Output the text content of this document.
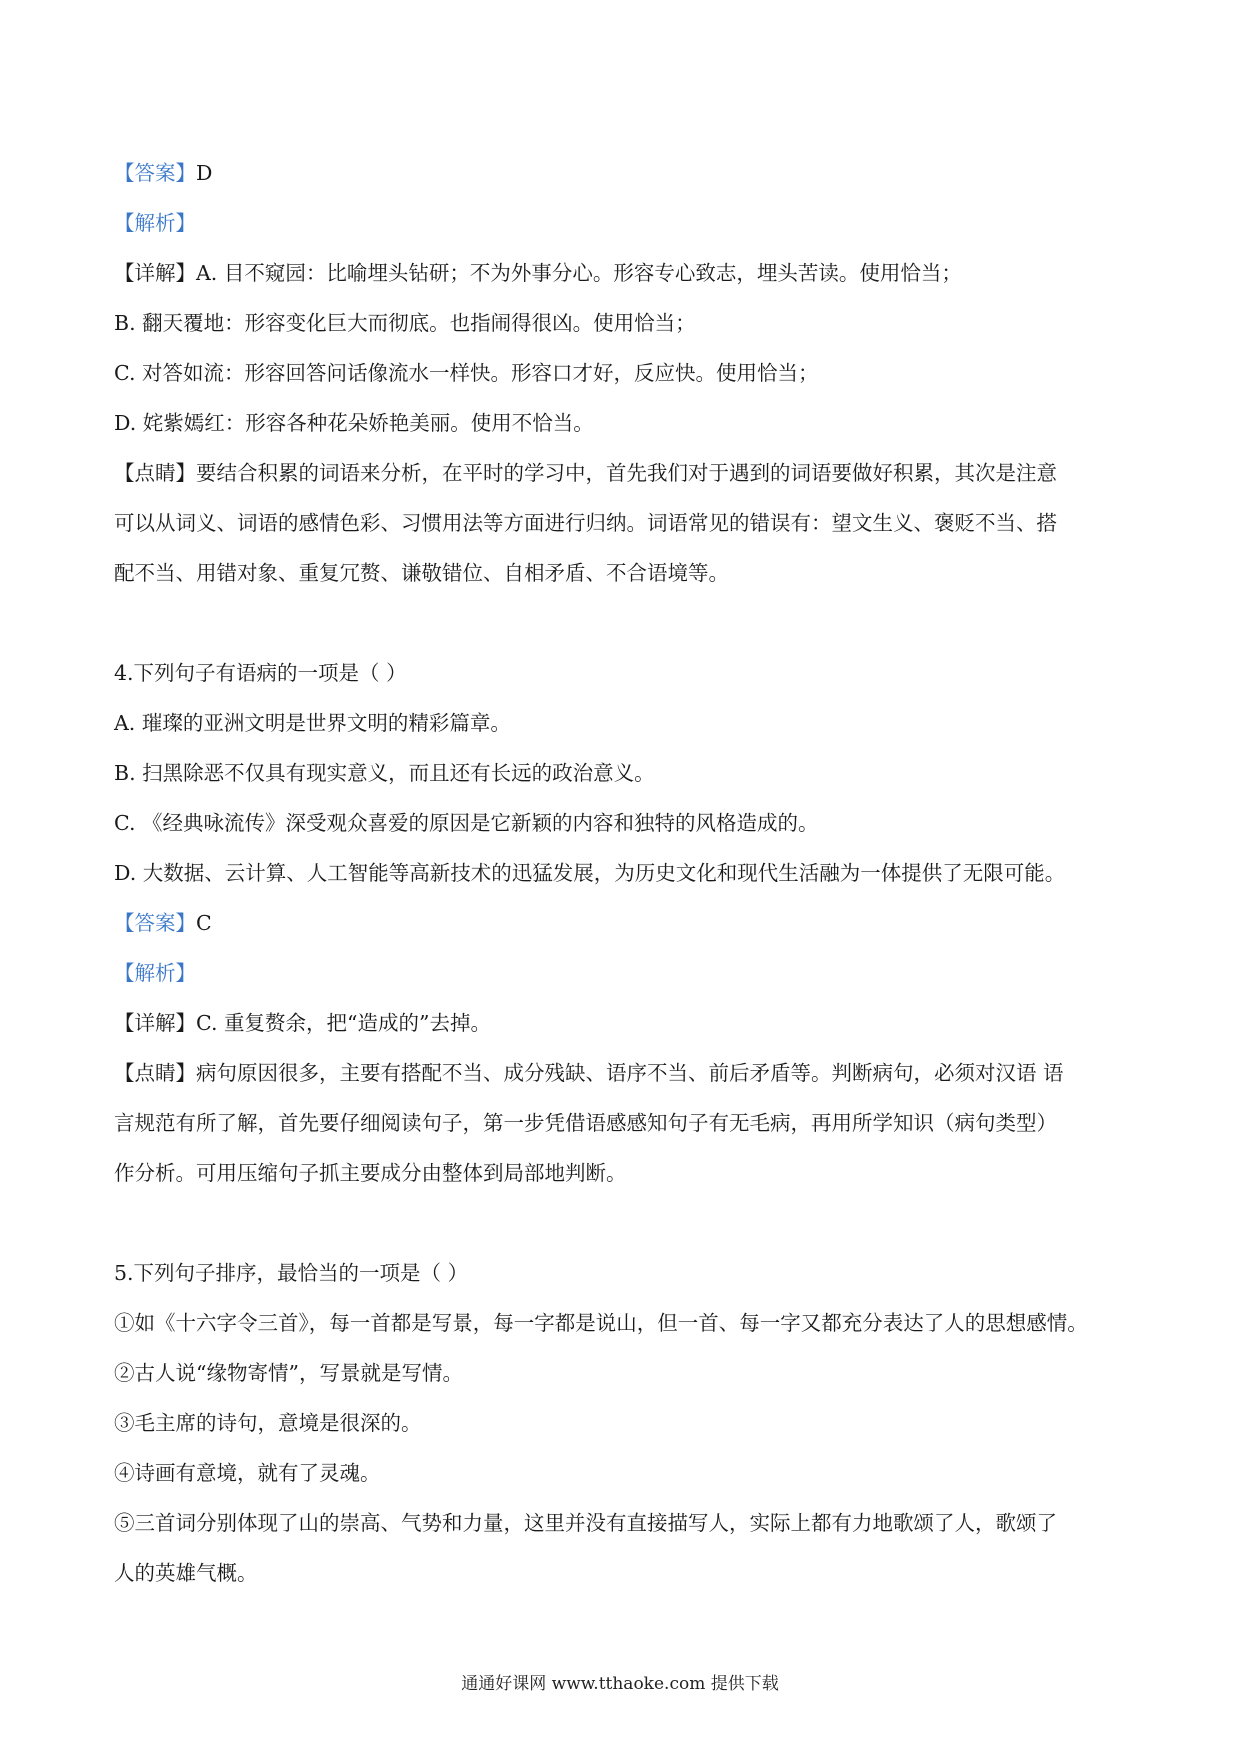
【答案】D
【解析】
【详解】A. 目不窥园：比喻埋头钻研；不为外事分心。形容专心致志，埋头苦读。使用恰当；
B. 翻天覆地：形容变化巨大而彻底。也指闹得很凶。使用恰当；
C. 对答如流：形容回答问话像流水一样快。形容口才好，反应快。使用恰当；
D. 姹紫嫣红：形容各种花朵娇艳美丽。使用不恰当。
【点睛】要结合积累的词语来分析，在平时的学习中，首先我们对于遇到的词语要做好积累，其次是注意
可以从词义、词语的感情色彩、习惯用法等方面进行归纳。词语常见的错误有：望文生义、褒贬不当、搭
配不当、用错对象、重复冗赘、谦敬错位、自相矛盾、不合语境等。
4.下列句子有语病的一项是（ ）
A. 璀璨的亚洲文明是世界文明的精彩篇章。
B. 扫黑除恶不仅具有现实意义，而且还有长远的政治意义。
C. 《经典咏流传》深受观众喜爱的原因是它新颖的内容和独特的风格造成的。
D. 大数据、云计算、人工智能等高新技术的迅猛发展，为历史文化和现代生活融为一体提供了无限可能。
【答案】C
【解析】
【详解】C. 重复赘余，把“造成的”去掉。
【点睛】病句原因很多，主要有搭配不当、成分残缺、语序不当、前后矛盾等。判断病句，必须对汉语 语
言规范有所了解，首先要仔细阅读句子，第一步凭借语感感知句子有无毛病，再用所学知识（病句类型）
作分析。可用压缩句子抓主要成分由整体到局部地判断。
5.下列句子排序，最恰当的一项是（ ）
①如《十六字令三首》，每一首都是写景，每一字都是说山，但一首、每一字又都充分表达了人的思想感情。
②古人说“缘物寄情”，写景就是写情。
③毛主席的诗句，意境是很深的。
④诗画有意境，就有了灵魂。
⑤三首词分别体现了山的崇高、气势和力量，这里并没有直接描写人，实际上都有力地歌颂了人，歌颂了
人的英雄气概。
通通好课网 www.tthaoke.com 提供下载
